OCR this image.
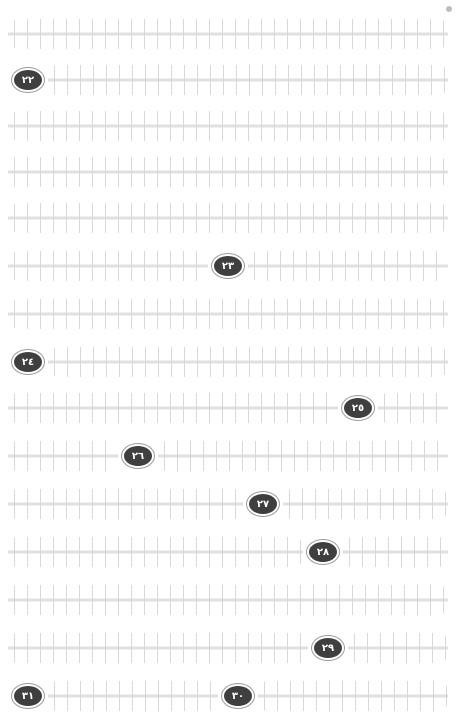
٢٢
٢٣
٢٤
٢٥
٢٦
٢٧
٢٨
٢٩
٣١	٣٠
